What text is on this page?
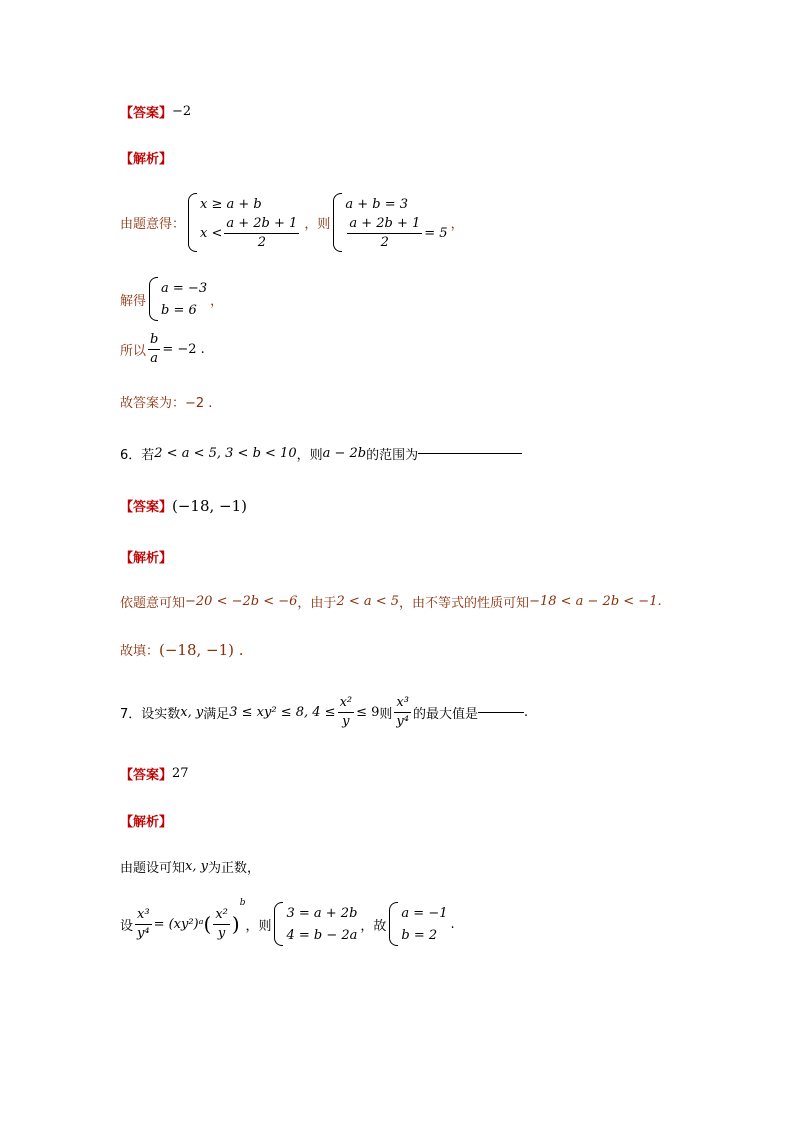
【答案】 −2
【解析】
由题意得：
x ≥ a + b
$x < \frac{a + 2b + 1}{2}$ ，则
a + b = 3
$\frac{a + 2b + 1}{2} = 5$
，
解得
a = −3
b = 6
，
所以 $\frac{b}{a} = -2$ .
故答案为：−2 .
6．若 2 < a < 5, 3 < b < 10 ，则 a − 2b 的范围为
【答案】 (−18, −1)
【解析】
依题意可知 −20 < −2b < −6 ，由于 2 < a < 5 ，由不等式的性质可知 −18 < a − 2b < −1.
故填： (−18, −1) .
7．设实数 x, y 满足 3 ≤ xy² ≤ 8, $4 \le \frac{\text{x²}}{y} \le 9$ 则 $\frac{\text{x³}}{\text{y⁴}}$ 的最大值是	.
【答案】 27
【解析】
由题设可知 x, y 为正数，
设 $\frac{\text{x³}}{\text{y⁴}}$ = (xy²)ᵃ ( $\frac{\text{x²}}{y}$ )
b
，则
3 = a + 2b
4 = b − 2a
，故
a = −1
b = 2
.
